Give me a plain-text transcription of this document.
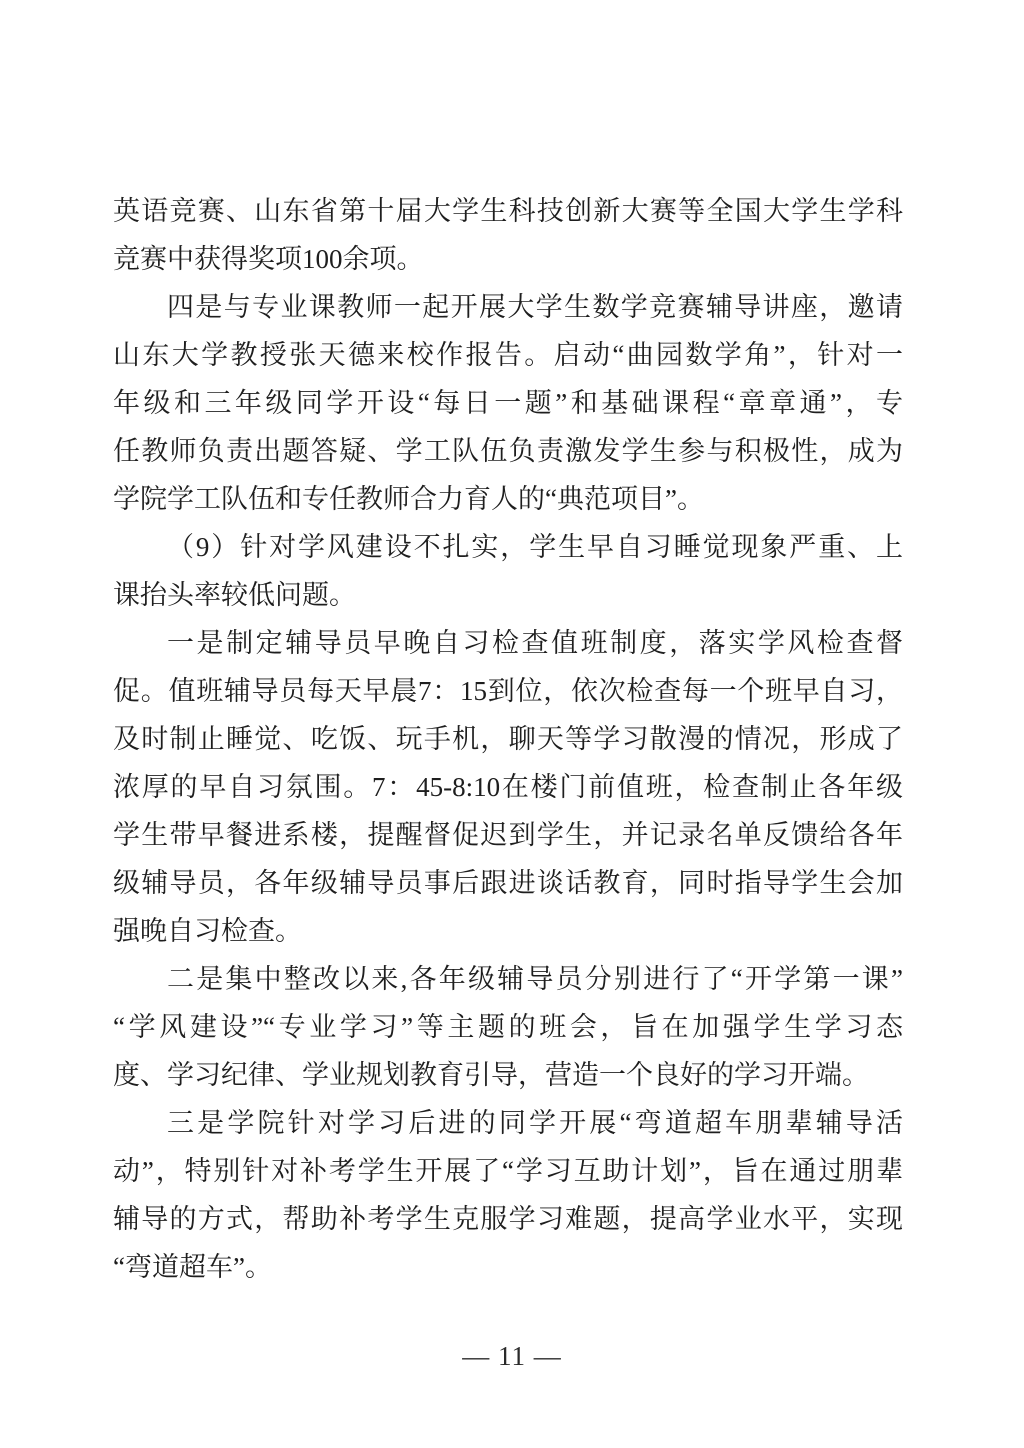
英语竞赛、山东省第十届大学生科技创新大赛等全国大学生学科
竞赛中获得奖项100余项。

四是与专业课教师一起开展大学生数学竞赛辅导讲座，邀请
山东大学教授张天德来校作报告。启动“曲园数学角”，针对一
年级和三年级同学开设“每日一题”和基础课程“章章通”，专
任教师负责出题答疑、学工队伍负责激发学生参与积极性，成为
学院学工队伍和专任教师合力育人的“典范项目”。

（9）针对学风建设不扎实，学生早自习睡觉现象严重、上
课抬头率较低问题。

一是制定辅导员早晚自习检查值班制度，落实学风检查督
促。值班辅导员每天早晨7：15到位，依次检查每一个班早自习，
及时制止睡觉、吃饭、玩手机，聊天等学习散漫的情况，形成了
浓厚的早自习氛围。7：45-8:10在楼门前值班，检查制止各年级
学生带早餐进系楼，提醒督促迟到学生，并记录名单反馈给各年
级辅导员，各年级辅导员事后跟进谈话教育，同时指导学生会加
强晚自习检查。

二是集中整改以来,各年级辅导员分别进行了“开学第一课”
“学风建设”“专业学习”等主题的班会，旨在加强学生学习态
度、学习纪律、学业规划教育引导，营造一个良好的学习开端。

三是学院针对学习后进的同学开展“弯道超车朋辈辅导活
动”，特别针对补考学生开展了“学习互助计划”，旨在通过朋辈
辅导的方式，帮助补考学生克服学习难题，提高学业水平，实现
“弯道超车”。

— 11 —
